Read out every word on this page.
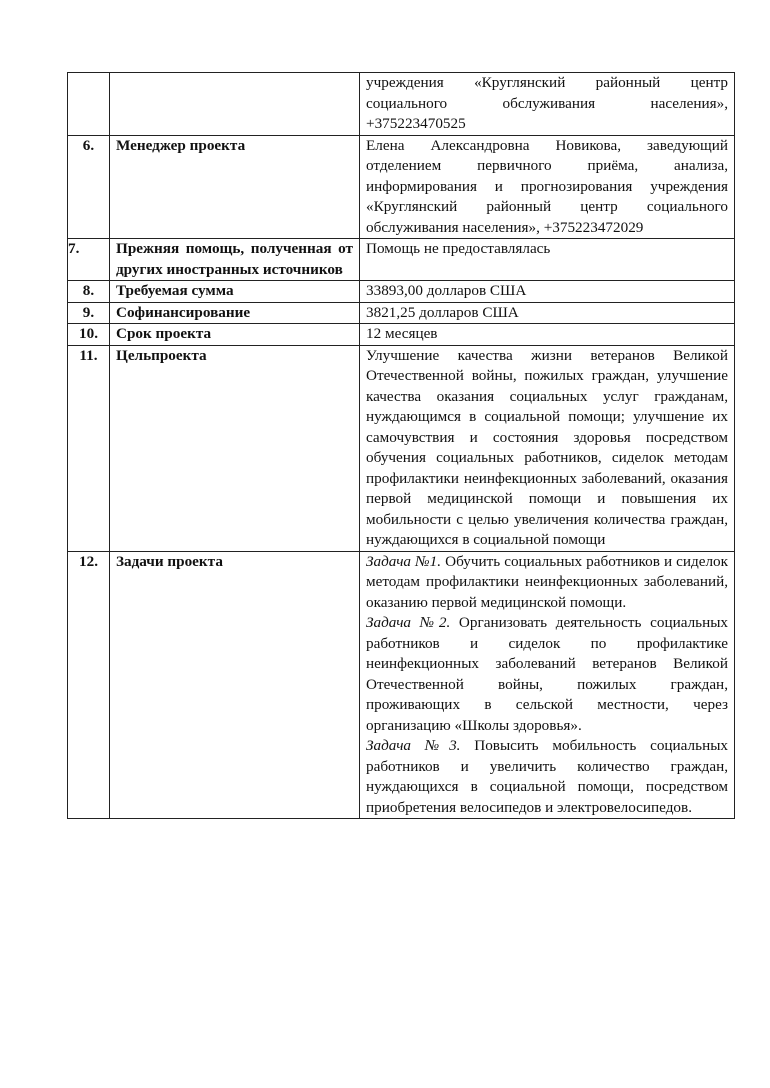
		учреждения «Круглянский районный центр социального обслуживания населения», +375223470525
6.	Менеджер проекта	Елена Александровна Новикова, заведующий отделением первичного приёма, анализа, информирования и прогнозирования учреждения «Круглянский районный центр социального обслуживания населения», +375223472029
7.	Прежняя помощь, полученная от других иностранных источников	Помощь не предоставлялась
8.	Требуемая сумма	33893,00 долларов США
9.	Софинансирование	3821,25 долларов США
10.	Срок проекта	12 месяцев
11.	Цельпроекта	Улучшение качества жизни ветеранов Великой Отечественной войны, пожилых граждан, улучшение качества оказания социальных услуг гражданам, нуждающимся в социальной помощи; улучшение их самочувствия и состояния здоровья посредством обучения социальных работников, сиделок методам профилактики неинфекционных заболеваний, оказания первой медицинской помощи и повышения их мобильности с целью увеличения количества граждан, нуждающихся в социальной помощи
12.	Задачи проекта	Задача №1. Обучить социальных работников и сиделок методам профилактики неинфекционных заболеваний, оказанию первой медицинской помощи.

Задача №2. Организовать деятельность социальных работников и сиделок по профилактике неинфекционных заболеваний ветеранов Великой Отечественной войны, пожилых граждан, проживающих в сельской местности, через организацию «Школы здоровья».

Задача №3. Повысить мобильность социальных работников и увеличить количество граждан, нуждающихся в социальной помощи, посредством приобретения велосипедов и электровелосипедов.
